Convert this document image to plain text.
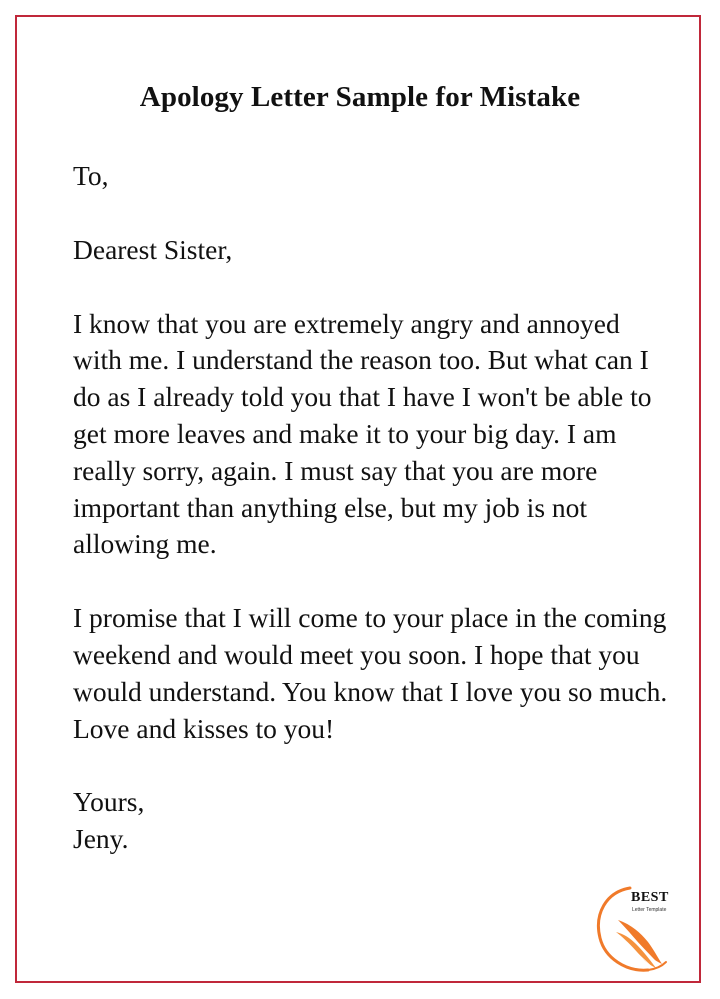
Apology Letter Sample for Mistake

To,

Dearest Sister,

I know that you are extremely angry and annoyed with me. I understand the reason too. But what can I do as I already told you that I have I won't be able to get more leaves and make it to your big day. I am really sorry, again. I must say that you are more important than anything else, but my job is not allowing me.

I promise that I will come to your place in the coming weekend and would meet you soon. I hope that you would understand. You know that I love you so much. Love and kisses to you!

Yours,

Jeny.

BEST
Letter Template
